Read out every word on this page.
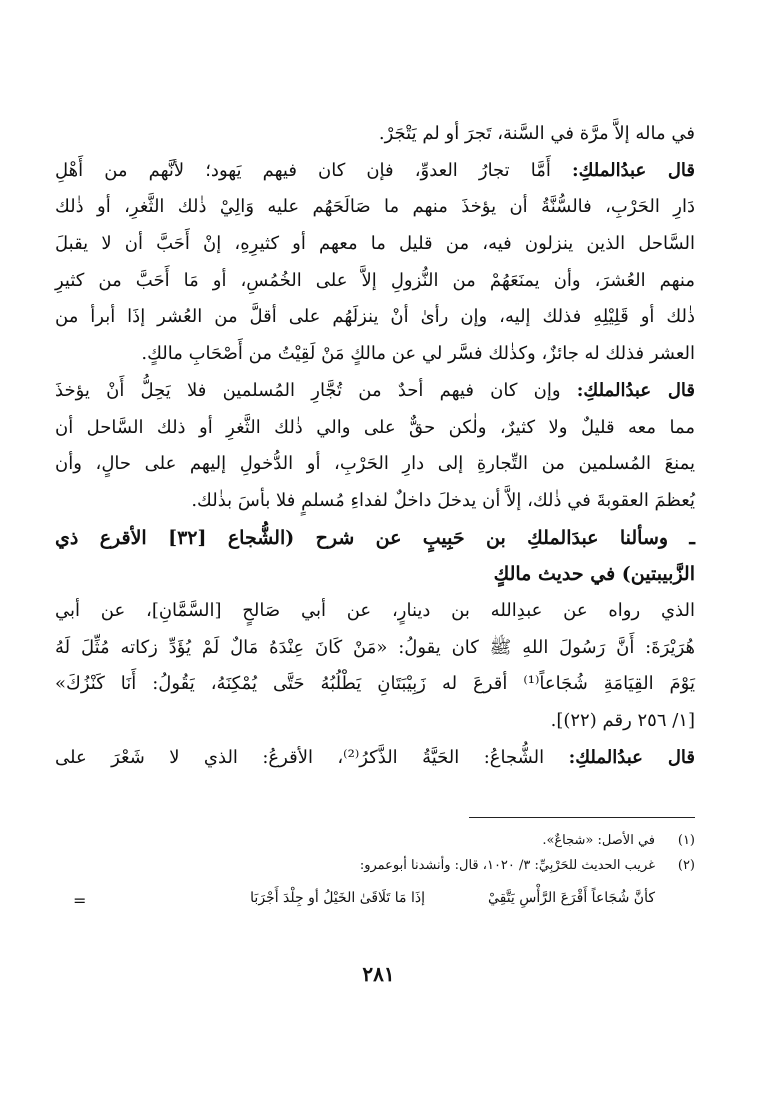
في ماله إلاَّ مرَّة في السَّنة، تَجرَ أو لم يَتْجَرْ.
قال عبدُالملكِ: أَمَّا تجارُ العدوِّ، فإن كان فيهم يَهود؛ لأنَّهم من أَهْلِ
دَارِ الحَرْبِ، فالسُّنَّةُ أن يؤخذَ منهم ما صَالَحَهُم عليه وَالِيْ ذٰلك الثَّغرِ، أو ذٰلك
السَّاحل الذين ينزلون فيه، من قليل ما معهم أو كثيرِهِ، إنْ أَحَبَّ أن لا يقبلَ
منهم العُشرَ، وأن يمنَعَهُمْ من النُّزولِ إلاَّ على الخُمُسِ، أو مَا أَحَبَّ من كثيرِ
ذٰلك أو قَلِيْلِهِ فذلك إليه، وإن رأىٰ أنْ ينزلَهُم على أقلَّ من العُشر إذَا أبرأ من
العشر فذلك له جائزٌ، وكذٰلك فسَّر لي عن مالكٍ مَنْ لَقِيْتُ من أَصْحَابِ مالكٍ.
قال عبدُالملكِ: وإن كان فيهم أحدٌ من تُجَّارِ المُسلمين فلا يَحِلُّ أَنْ يؤخذَ
مما معه قليلٌ ولا كثيرٌ، ولٰكن حقٌّ على والي ذٰلك الثَّغرِ أو ذلك السَّاحل أن
يمنعَ المُسلمين من التِّجارةِ إلى دارِ الحَرْبِ، أو الدُّخولِ إليهم على حالٍ، وأن
يُعظمَ العقوبةَ في ذٰلك، إلاَّ أن يدخلَ داخلٌ لفداءِ مُسلمٍ فلا بأسَ بذٰلك.
ـ وسألنا عبدَالملكِ بن حَبِيبٍ عن شرح (الشُّجاع [٣٢] الأقرع ذي
الزَّبيبتين) في حديث مالكٍ
الذي رواه عن عبدِالله بن دينارٍ، عن أبي صَالحٍ [السَّمَّانِ]، عن أبي
هُرَيْرَةَ: أَنَّ رَسُولَ اللهِ ﷺ كان يقولُ: «مَنْ كَانَ عِنْدَهُ مَالٌ لَمْ يُؤَدِّ زكاته مُثِّلَ لَهُ
يَوْمَ القِيَامَةِ شُجَاعاً⁽¹⁾ أقرعَ له زَبِيْبَتَانِ يَطْلُبُهُ حَتَّى يُمْكِنَهُ، يَقُولُ: أَنَا كَنْزُكَ»
[١/ ٢٥٦ رقم (٢٢)].
قال عبدُالملكِ: الشُّجاعُ: الحَيَّةُ الذَّكرُ⁽²⁾، الأقرعُ: الذي لا شَعْرَ على
(١)
في الأصل: «شجاعٌ».
(٢)
غريب الحديث للحَرْبِيِّ: ٣/ ١٠٢٠، قال: وأنشدنا أبوعمرو:
كأنَّ شُجَاعاً أَقْرَعَ الرَّأْسِ يَتَّقِيْ
إذَا مَا تَلَاقَىٰ الخَيْلُ أو جِلْدَ أَجْرَبَا
=
٢٨١
